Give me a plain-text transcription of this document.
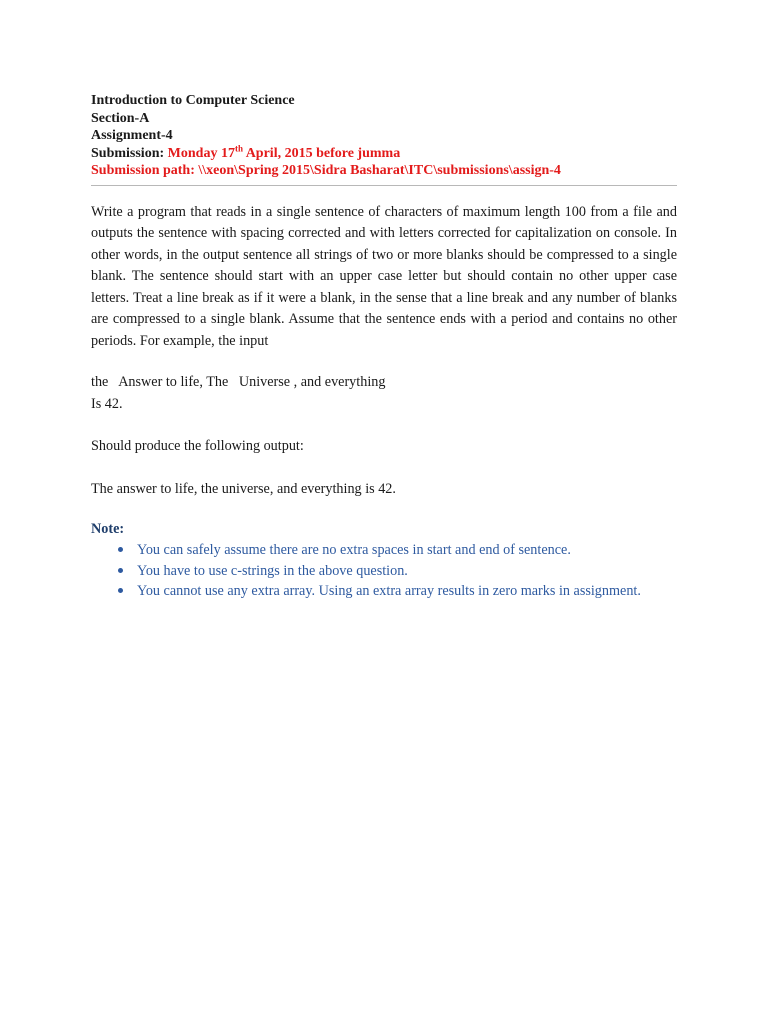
Introduction to Computer Science
Section-A
Assignment-4
Submission: Monday 17th April, 2015 before jumma
Submission path: \\xeon\Spring 2015\Sidra Basharat\ITC\submissions\assign-4
Write a program that reads in a single sentence of characters of maximum length 100 from a file and outputs the sentence with spacing corrected and with letters corrected for capitalization on console. In other words, in the output sentence all strings of two or more blanks should be compressed to a single blank. The sentence should start with an upper case letter but should contain no other upper case letters. Treat a line break as if it were a blank, in the sense that a line break and any number of blanks are compressed to a single blank. Assume that the sentence ends with a period and contains no other periods. For example, the input
the   Answer to life, The   Universe , and everything
Is 42.
Should produce the following output:
The answer to life, the universe, and everything is 42.
Note:
You can safely assume there are no extra spaces in start and end of sentence.
You have to use c-strings in the above question.
You cannot use any extra array. Using an extra array results in zero marks in assignment.
